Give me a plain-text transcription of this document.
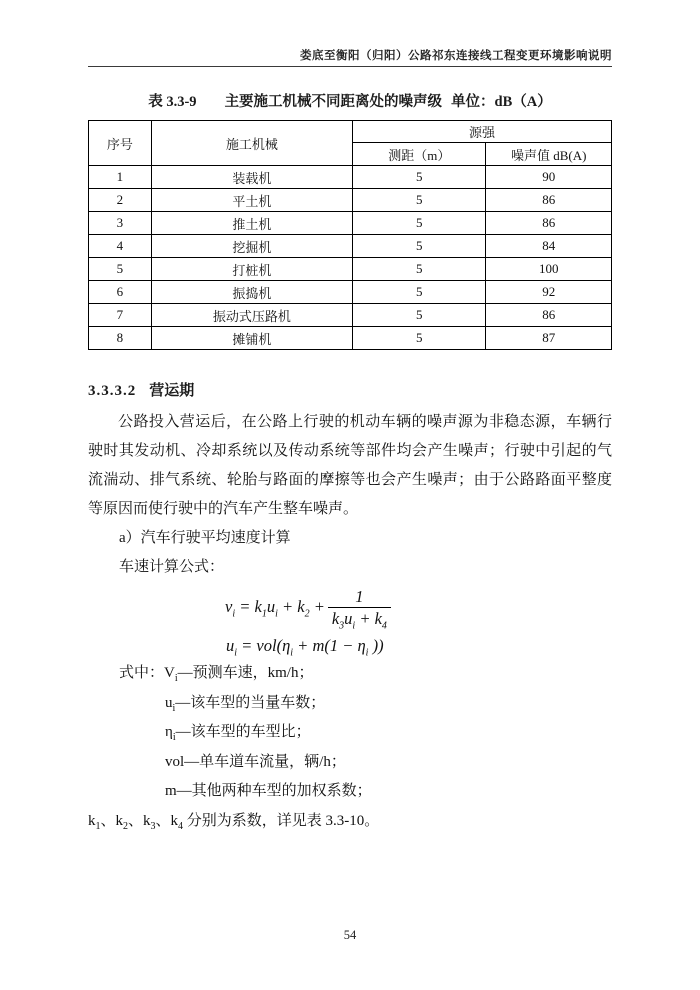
娄底至衡阳（归阳）公路祁东连接线工程变更环境影响说明
表 3.3-9 主要施工机械不同距离处的噪声级 单位：dB（A）
序号	施工机械	源强	
		测距（m）	噪声值 dB(A)
1	装载机	5	90
2	平土机	5	86
3	推土机	5	86
4	挖掘机	5	84
5	打桩机	5	100
6	振捣机	5	92
7	振动式压路机	5	86
8	摊铺机	5	87
3.3.3.2 营运期
公路投入营运后，在公路上行驶的机动车辆的噪声源为非稳态源，车辆行驶时其发动机、冷却系统以及传动系统等部件均会产生噪声；行驶中引起的气流湍动、排气系统、轮胎与路面的摩擦等也会产生噪声；由于公路路面平整度等原因而使行驶中的汽车产生整车噪声。
a）汽车行驶平均速度计算
车速计算公式：
$v_i = k_1u_i + k_2 + \frac{1}{k_3u_i + k_4}$
$u_i = vol(\eta_i + m(1 - \eta_i$ ))
式中：$V_i—$预测车速，km/h；
$u_i—$该车型的当量车数；
$\eta_i—$该车型的车型比；
vol—单车道车流量，辆/h；
m—其他两种车型的加权系数；
$k_1$、$k_2$、$k_3$、$k_4$ 分别为系数，详见表 3.3-10。
54
